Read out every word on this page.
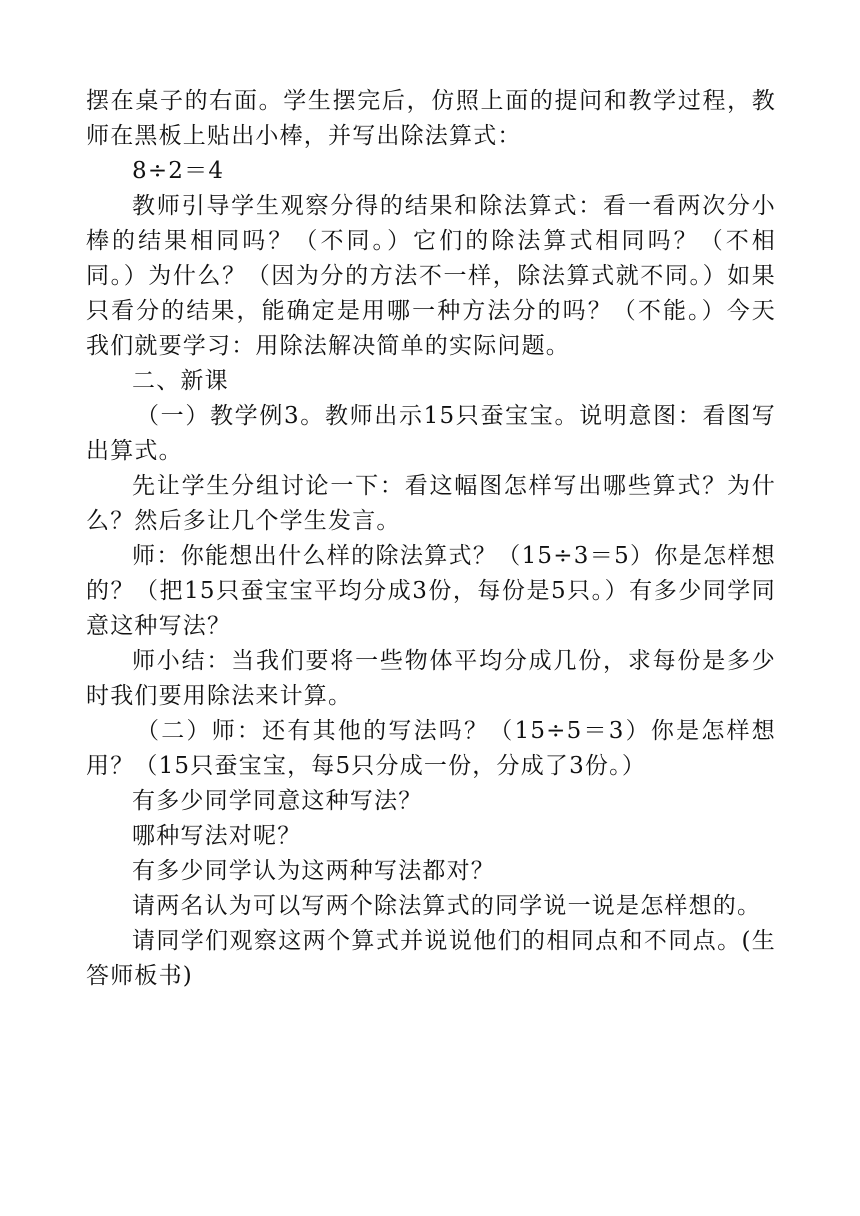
摆在桌子的右面。学生摆完后，仿照上面的提问和教学过程，教师在黑板上贴出小棒，并写出除法算式：

8÷2＝4

教师引导学生观察分得的结果和除法算式：看一看两次分小棒的结果相同吗？（不同。）它们的除法算式相同吗？（不相同。）为什么？（因为分的方法不一样，除法算式就不同。）如果只看分的结果，能确定是用哪一种方法分的吗？（不能。）今天我们就要学习：用除法解决简单的实际问题。

二、新课

（一）教学例3。教师出示15只蚕宝宝。说明意图：看图写出算式。

先让学生分组讨论一下：看这幅图怎样写出哪些算式？为什么？然后多让几个学生发言。

师：你能想出什么样的除法算式？（15÷3＝5）你是怎样想的？（把15只蚕宝宝平均分成3份，每份是5只。）有多少同学同意这种写法？

师小结：当我们要将一些物体平均分成几份，求每份是多少时我们要用除法来计算。

（二）师：还有其他的写法吗？（15÷5＝3）你是怎样想用？（15只蚕宝宝，每5只分成一份，分成了3份。）

有多少同学同意这种写法？

哪种写法对呢？

有多少同学认为这两种写法都对？

请两名认为可以写两个除法算式的同学说一说是怎样想的。

请同学们观察这两个算式并说说他们的相同点和不同点。(生答师板书)
